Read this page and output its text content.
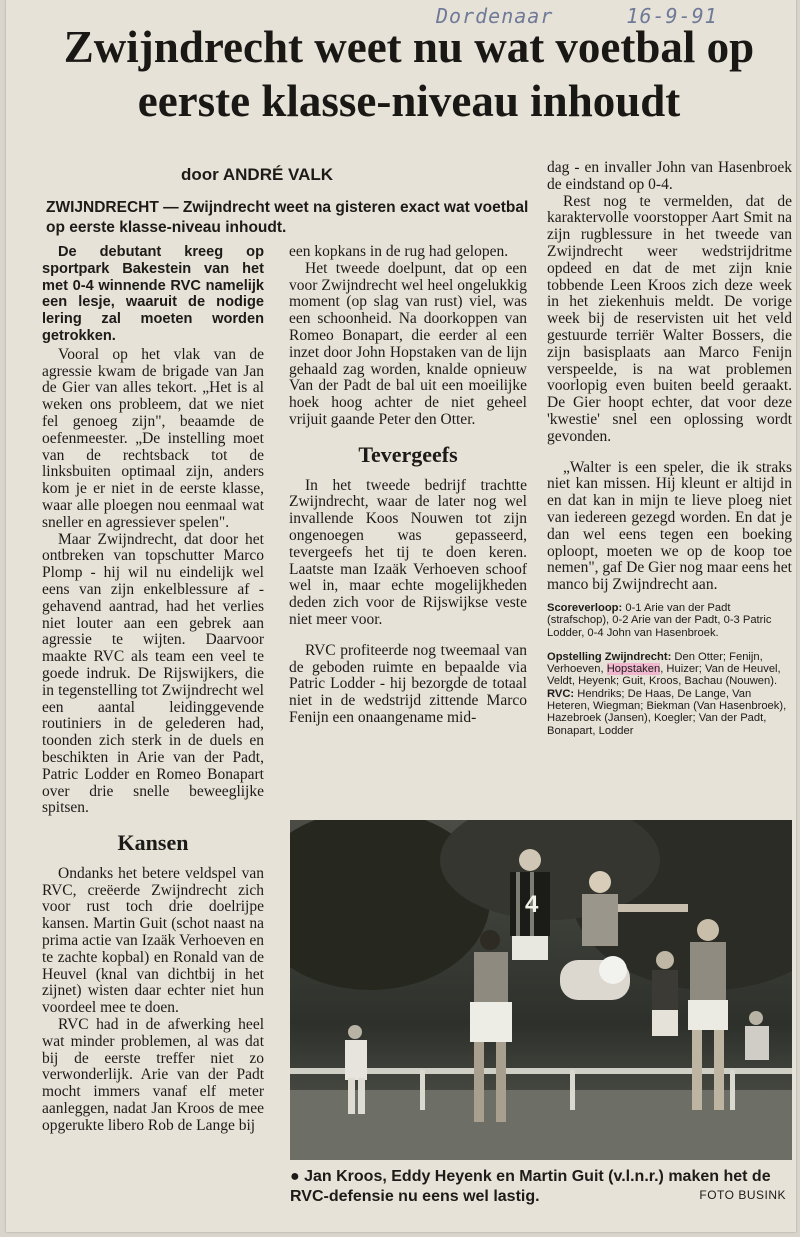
Dordenaar	16-9-91
Zwijndrecht weet nu wat voetbal op eerste klasse-niveau inhoudt
door ANDRÉ VALK
ZWIJNDRECHT — Zwijndrecht weet na gisteren exact wat voetbal op eerste klasse-niveau inhoudt.

De debutant kreeg op sportpark Bakestein van het met 0-4 winnende RVC namelijk een lesje, waaruit de nodige lering zal moeten worden getrokken.

Vooral op het vlak van de agressie kwam de brigade van Jan de Gier van alles tekort. „Het is al weken ons probleem, dat we niet fel genoeg zijn", beaamde de oefenmeester. „De instelling moet van de rechtsback tot de linksbuiten optimaal zijn, anders kom je er niet in de eerste klasse, waar alle ploegen nou eenmaal wat sneller en agressiever spelen".

Maar Zwijndrecht, dat door het ontbreken van topschutter Marco Plomp - hij wil nu eindelijk wel eens van zijn enkelblessure af - gehavend aantrad, had het verlies niet louter aan een gebrek aan agressie te wijten. Daarvoor maakte RVC als team een veel te goede indruk. De Rijswijkers, die in tegenstelling tot Zwijndrecht wel een aantal leidinggevende routiniers in de gelederen had, toonden zich sterk in de duels en beschikten in Arie van der Padt, Patric Lodder en Romeo Bonapart over drie snelle beweeglijke spitsen.

Kansen

Ondanks het betere veldspel van RVC, creëerde Zwijndrecht zich voor rust toch drie doelrijpe kansen. Martin Guit (schot naast na prima actie van Izaäk Verhoeven en te zachte kopbal) en Ronald van de Heuvel (knal van dichtbij in het zijnet) wisten daar echter niet hun voordeel mee te doen.

RVC had in de afwerking heel wat minder problemen, al was dat bij de eerste treffer niet zo verwonderlijk. Arie van der Padt mocht immers vanaf elf meter aanleggen, nadat Jan Kroos de mee opgerukte libero Rob de Lange bij

een kopkans in de rug had gelopen.

Het tweede doelpunt, dat op een voor Zwijndrecht wel heel ongelukkig moment (op slag van rust) viel, was een schoonheid. Na doorkoppen van Romeo Bonapart, die eerder al een inzet door John Hopstaken van de lijn gehaald zag worden, knalde opnieuw Van der Padt de bal uit een moeilijke hoek hoog achter de niet geheel vrijuit gaande Peter den Otter.

Tevergeefs

In het tweede bedrijf trachtte Zwijndrecht, waar de later nog wel invallende Koos Nouwen tot zijn ongenoegen was gepasseerd, tevergeefs het tij te doen keren. Laatste man Izaäk Verhoeven schoof wel in, maar echte mogelijkheden deden zich voor de Rijswijkse veste niet meer voor.

RVC profiteerde nog tweemaal van de geboden ruimte en bepaalde via Patric Lodder - hij bezorgde de totaal niet in de wedstrijd zittende Marco Fenijn een onaangename mid-

dag - en invaller John van Hasenbroek de eindstand op 0-4.

Rest nog te vermelden, dat de karaktervolle voorstopper Aart Smit na zijn rugblessure in het tweede van Zwijndrecht weer wedstrijdritme opdeed en dat de met zijn knie tobbende Leen Kroos zich deze week in het ziekenhuis meldt. De vorige week bij de reservisten uit het veld gestuurde terriër Walter Bossers, die zijn basisplaats aan Marco Fenijn verspeelde, is na wat problemen voorlopig even buiten beeld geraakt. De Gier hoopt echter, dat voor deze 'kwestie' snel een oplossing wordt gevonden.

„Walter is een speler, die ik straks niet kan missen. Hij kleunt er altijd in en dat kan in mijn te lieve ploeg niet van iedereen gezegd worden. En dat je dan wel eens tegen een boeking oploopt, moeten we op de koop toe nemen", gaf De Gier nog maar eens het manco bij Zwijndrecht aan.

Scoreverloop: 0-1 Arie van der Padt (strafschop), 0-2 Arie van der Padt, 0-3 Patric Lodder, 0-4 John van Hasenbroek.

Opstelling Zwijndrecht: Den Otter; Fenijn, Verhoeven, Hopstaken, Huizer; Van de Heuvel, Veldt, Heyenk; Guit, Kroos, Bachau (Nouwen).

RVC: Hendriks; De Haas, De Lange, Van Heteren, Wiegman; Biekman (Van Hasenbroek), Hazebroek (Jansen), Koegler; Van der Padt, Bonapart, Lodder

4
● Jan Kroos, Eddy Heyenk en Martin Guit (v.l.n.r.) maken het de RVC-defensie nu eens wel lastig.	FOTO BUSINK
